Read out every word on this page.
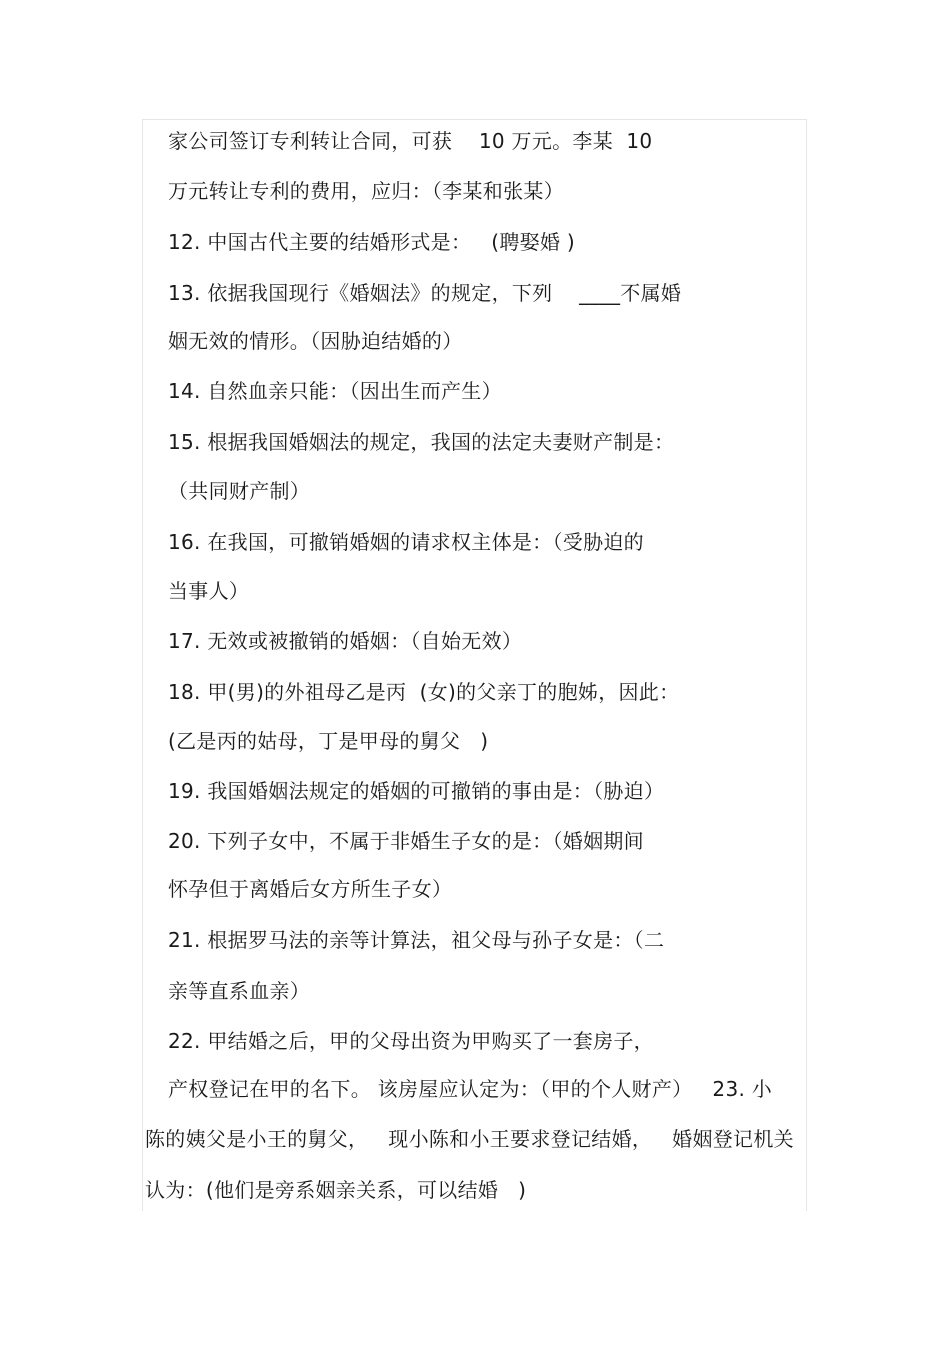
家公司签订专利转让合同，可获    10 万元。李某  10
万元转让专利的费用，应归：（李某和张某）
12. 中国古代主要的结婚形式是：   (聘娶婚 )
13. 依据我国现行《婚姻法》的规定，下列    ____不属婚
姻无效的情形。（因胁迫结婚的）
14. 自然血亲只能：（因出生而产生）
15. 根据我国婚姻法的规定，我国的法定夫妻财产制是：
（共同财产制）
16. 在我国，可撤销婚姻的请求权主体是：（受胁迫的
当事人）
17. 无效或被撤销的婚姻：（自始无效）
18. 甲(男)的外祖母乙是丙  (女)的父亲丁的胞姊，因此：
(乙是丙的姑母，丁是甲母的舅父   )
19. 我国婚姻法规定的婚姻的可撤销的事由是：（胁迫）
20. 下列子女中，不属于非婚生子女的是：（婚姻期间
怀孕但于离婚后女方所生子女）
21. 根据罗马法的亲等计算法，祖父母与孙子女是：（二
亲等直系血亲）
22. 甲结婚之后，甲的父母出资为甲购买了一套房子，
产权登记在甲的名下。 该房屋应认定为：（甲的个人财产）   23. 小
陈的姨父是小王的舅父，   现小陈和小王要求登记结婚，   婚姻登记机关
认为：(他们是旁系姻亲关系，可以结婚   )
